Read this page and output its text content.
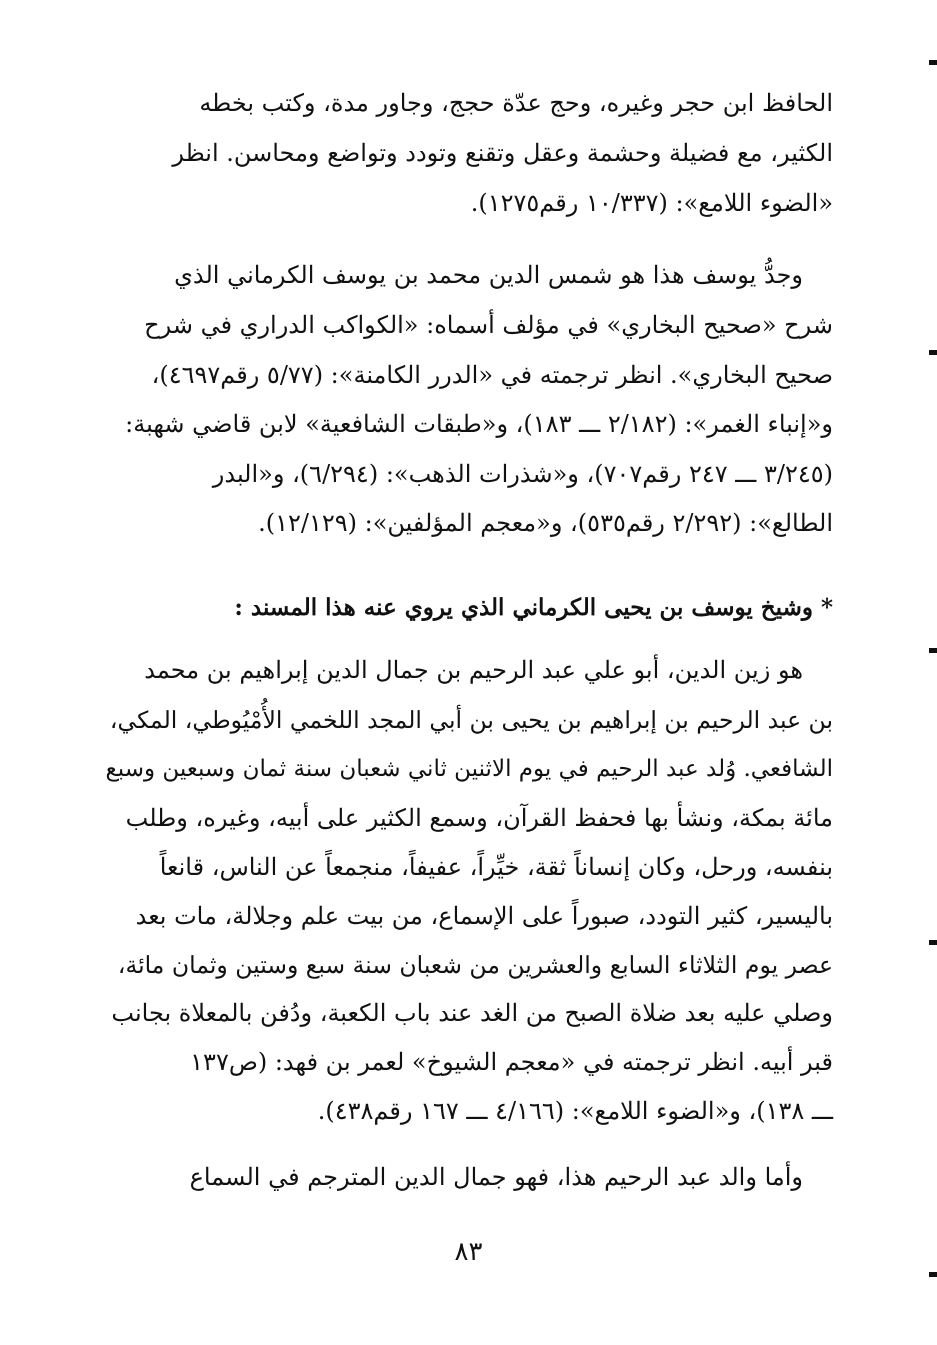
الحافظ ابن حجر وغيره، وحج عدّة حجج، وجاور مدة، وكتب بخطه
الكثير، مع فضيلة وحشمة وعقل وتقنع وتودد وتواضع ومحاسن. انظر
«الضوء اللامع»: (١٠/٣٣٧ رقم١٢٧٥).
وجدُّ يوسف هذا هو شمس الدين محمد بن يوسف الكرماني الذي
شرح «صحيح البخاري» في مؤلف أسماه: «الكواكب الدراري في شرح
صحيح البخاري». انظر ترجمته في «الدرر الكامنة»: (٥/٧٧ رقم٤٦٩٧)،
و«إنباء الغمر»: (٢/١٨٢ ـــ ١٨٣)، و«طبقات الشافعية» لابن قاضي شهبة:
(٣/٢٤٥ ـــ ٢٤٧ رقم٧٠٧)، و«شذرات الذهب»: (٦/٢٩٤)، و«البدر
الطالع»: (٢/٢٩٢ رقم٥٣٥)، و«معجم المؤلفين»: (١٢/١٢٩).
* وشيخ يوسف بن يحيى الكرماني الذي يروي عنه هذا المسند :
هو زين الدين، أبو علي عبد الرحيم بن جمال الدين إبراهيم بن محمد
بن عبد الرحيم بن إبراهيم بن يحيى بن أبي المجد اللخمي الأُمْيُوطي، المكي،
الشافعي. وُلد عبد الرحيم في يوم الاثنين ثاني شعبان سنة ثمان وسبعين وسبع
مائة بمكة، ونشأ بها فحفظ القرآن، وسمع الكثير على أبيه، وغيره، وطلب
بنفسه، ورحل، وكان إنساناً ثقة، خيِّراً، عفيفاً، منجمعاً عن الناس، قانعاً
باليسير، كثير التودد، صبوراً على الإسماع، من بيت علم وجلالة، مات بعد
عصر يوم الثلاثاء السابع والعشرين من شعبان سنة سبع وستين وثمان مائة،
وصلي عليه بعد ضلاة الصبح من الغد عند باب الكعبة، ودُفن بالمعلاة بجانب
قبر أبيه. انظر ترجمته في «معجم الشيوخ» لعمر بن فهد: (ص١٣٧
ـــ ١٣٨)، و«الضوء اللامع»: (٤/١٦٦ ـــ ١٦٧ رقم٤٣٨).
وأما والد عبد الرحيم هذا، فهو جمال الدين المترجم في السماع
٨٣
